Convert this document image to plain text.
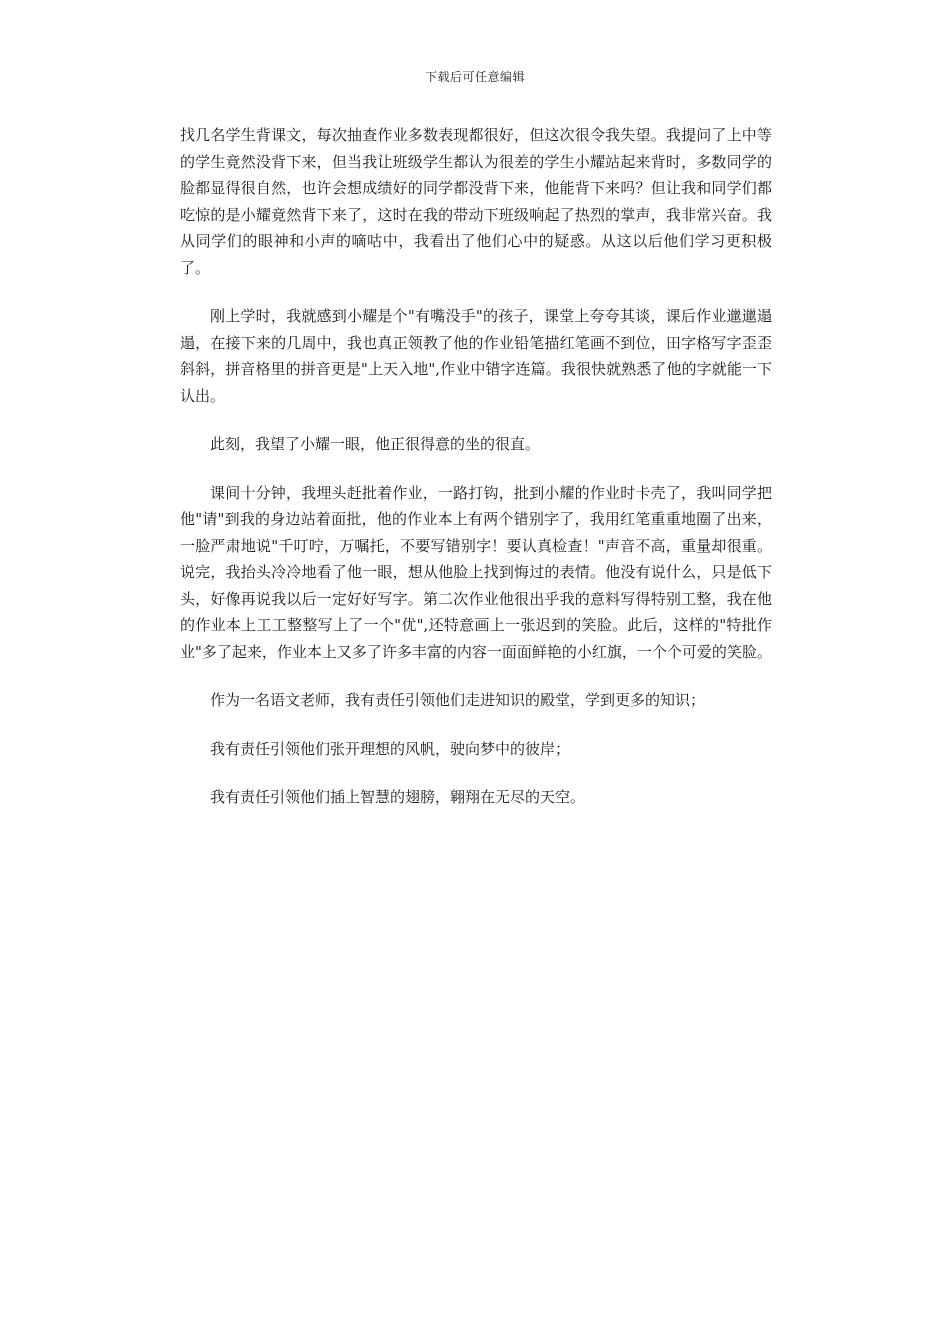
下载后可任意编辑

找几名学生背课文，每次抽查作业多数表现都很好，但这次很令我失望。我提问了上中等的学生竟然没背下来，但当我让班级学生都认为很差的学生小耀站起来背时，多数同学的脸都显得很自然，也许会想成绩好的同学都没背下来，他能背下来吗？但让我和同学们都吃惊的是小耀竟然背下来了，这时在我的带动下班级响起了热烈的掌声，我非常兴奋。我从同学们的眼神和小声的嘀咕中，我看出了他们心中的疑惑。从这以后他们学习更积极了。

刚上学时，我就感到小耀是个"有嘴没手"的孩子，课堂上夸夸其谈，课后作业邋邋遢遢，在接下来的几周中，我也真正领教了他的作业铅笔描红笔画不到位，田字格写字歪歪斜斜，拼音格里的拼音更是"上天入地",作业中错字连篇。我很快就熟悉了他的字就能一下认出。

此刻，我望了小耀一眼，他正很得意的坐的很直。

课间十分钟，我埋头赶批着作业，一路打钩，批到小耀的作业时卡壳了，我叫同学把他"请"到我的身边站着面批，他的作业本上有两个错别字了，我用红笔重重地圈了出来，一脸严肃地说"千叮咛，万嘱托，不要写错别字！要认真检查！"声音不高，重量却很重。说完，我抬头冷冷地看了他一眼，想从他脸上找到悔过的表情。他没有说什么，只是低下头，好像再说我以后一定好好写字。第二次作业他很出乎我的意料写得特别工整，我在他的作业本上工工整整写上了一个"优",还特意画上一张迟到的笑脸。此后，这样的"特批作业"多了起来，作业本上又多了许多丰富的内容一面面鲜艳的小红旗，一个个可爱的笑脸。

作为一名语文老师，我有责任引领他们走进知识的殿堂，学到更多的知识；

我有责任引领他们张开理想的风帆，驶向梦中的彼岸；

我有责任引领他们插上智慧的翅膀，翱翔在无尽的天空。
